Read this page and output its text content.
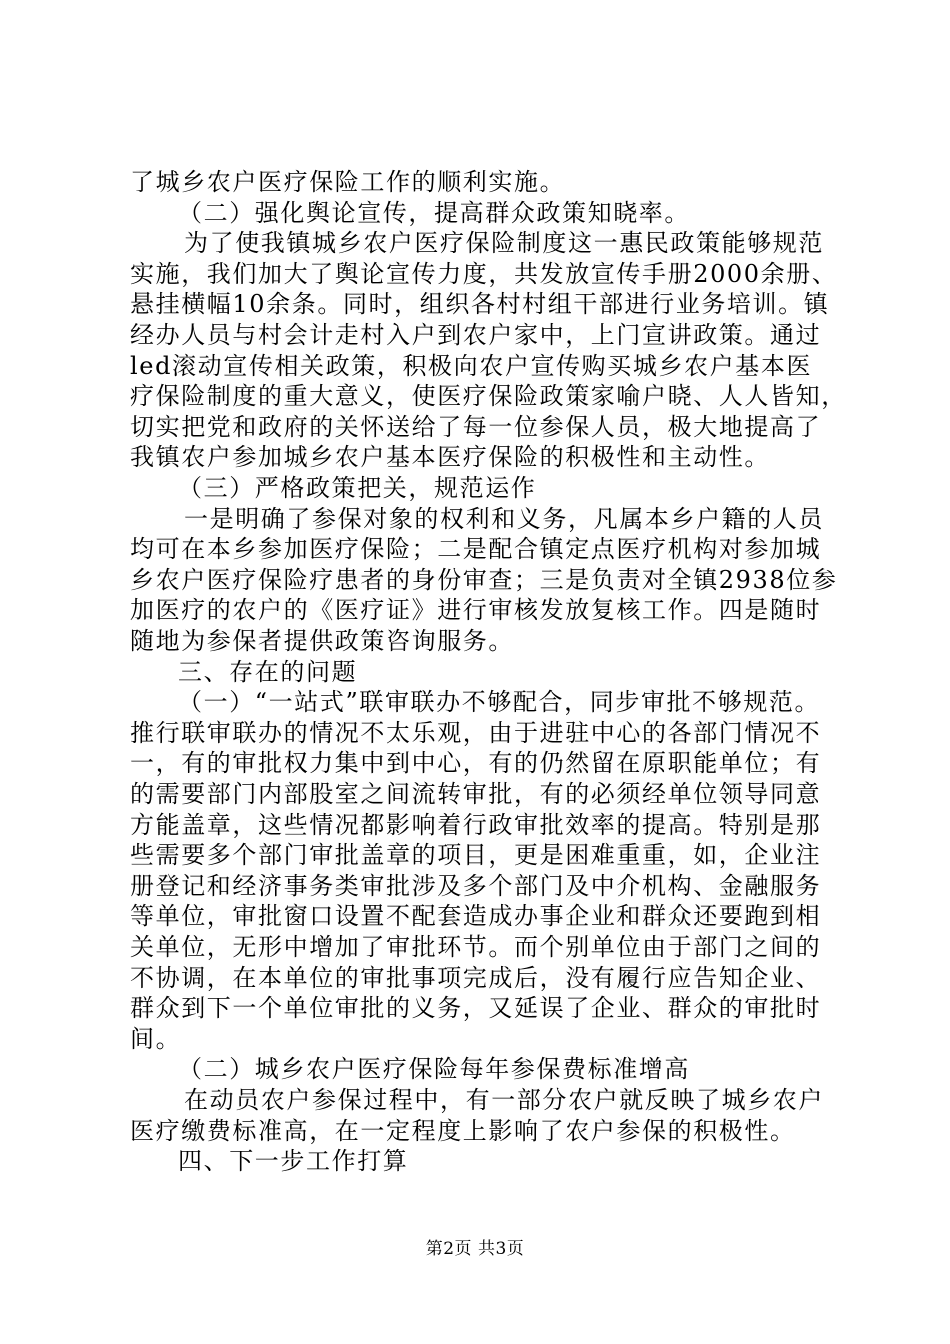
了城乡农户医疗保险工作的顺利实施。
（二）强化舆论宣传，提高群众政策知晓率。
为了使我镇城乡农户医疗保险制度这一惠民政策能够规范
实施，我们加大了舆论宣传力度，共发放宣传手册2000余册、
悬挂横幅10余条。同时，组织各村村组干部进行业务培训。镇
经办人员与村会计走村入户到农户家中，上门宣讲政策。通过
led滚动宣传相关政策，积极向农户宣传购买城乡农户基本医
疗保险制度的重大意义，使医疗保险政策家喻户晓、人人皆知，
切实把党和政府的关怀送给了每一位参保人员，极大地提高了
我镇农户参加城乡农户基本医疗保险的积极性和主动性。
（三）严格政策把关，规范运作
一是明确了参保对象的权利和义务，凡属本乡户籍的人员
均可在本乡参加医疗保险；二是配合镇定点医疗机构对参加城
乡农户医疗保险疗患者的身份审查；三是负责对全镇2938位参
加医疗的农户的《医疗证》进行审核发放复核工作。四是随时
随地为参保者提供政策咨询服务。
三、存在的问题
（一）“一站式”联审联办不够配合，同步审批不够规范。
推行联审联办的情况不太乐观，由于进驻中心的各部门情况不
一，有的审批权力集中到中心，有的仍然留在原职能单位；有
的需要部门内部股室之间流转审批，有的必须经单位领导同意
方能盖章，这些情况都影响着行政审批效率的提高。特别是那
些需要多个部门审批盖章的项目，更是困难重重，如，企业注
册登记和经济事务类审批涉及多个部门及中介机构、金融服务
等单位，审批窗口设置不配套造成办事企业和群众还要跑到相
关单位，无形中增加了审批环节。而个别单位由于部门之间的
不协调，在本单位的审批事项完成后，没有履行应告知企业、
群众到下一个单位审批的义务，又延误了企业、群众的审批时
间。
（二）城乡农户医疗保险每年参保费标准增高
在动员农户参保过程中，有一部分农户就反映了城乡农户
医疗缴费标准高，在一定程度上影响了农户参保的积极性。
四、下一步工作打算
第2页 共3页
